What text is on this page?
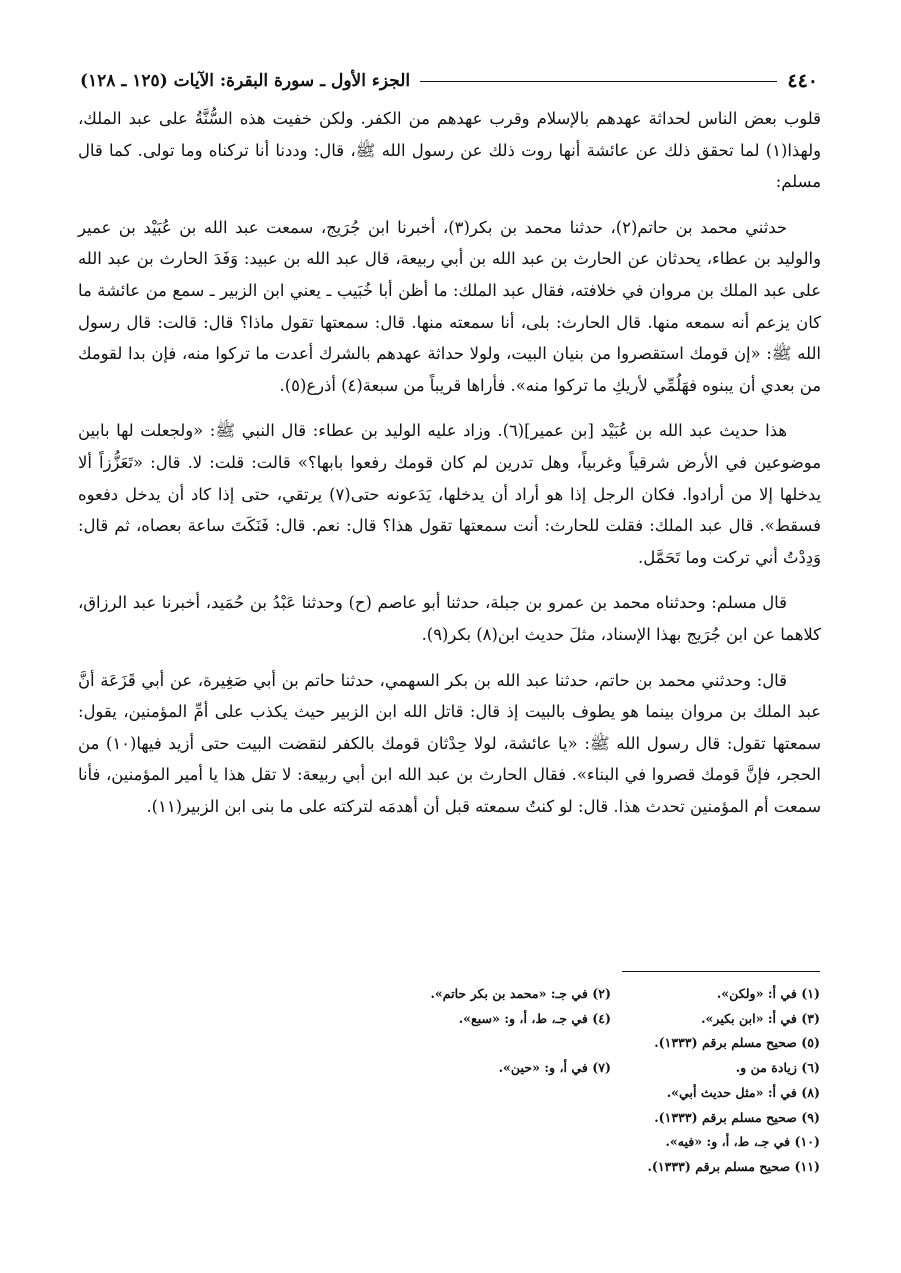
٤٤٠
الجزء الأول ـ سورة البقرة: الآيات (١٢٥ ـ ١٢٨)

قلوب بعض الناس لحداثة عهدهم بالإسلام وقرب عهدهم من الكفر. ولكن خفيت هذه السُّنَّةُ على عبد الملك، ولهذا(١) لما تحقق ذلك عن عائشة أنها روت ذلك عن رسول الله ﷺ، قال: وددنا أنا تركناه وما تولى. كما قال مسلم:

حدثني محمد بن حاتم(٢)، حدثنا محمد بن بكر(٣)، أخبرنا ابن جُرَيج، سمعت عبد الله بن عُبَيْد بن عمير والوليد بن عطاء، يحدثان عن الحارث بن عبد الله بن أبي ربيعة، قال عبد الله بن عبيد: وَفَدَ الحارث بن عبد الله على عبد الملك بن مروان في خلافته، فقال عبد الملك: ما أظن أبا خُبَيب ـ يعني ابن الزبير ـ سمع من عائشة ما كان يزعم أنه سمعه منها. قال الحارث: بلى، أنا سمعته منها. قال: سمعتها تقول ماذا؟ قال: قالت: قال رسول الله ﷺ: «إن قومك استقصروا من بنيان البيت، ولولا حداثة عهدهم بالشرك أعدت ما تركوا منه، فإن بدا لقومك من بعدي أن يبنوه فهَلُمِّي لأريكِ ما تركوا منه». فأراها قريباً من سبعة(٤) أذرع(٥).

هذا حديث عبد الله بن عُبَيْد [بن عمير](٦). وزاد عليه الوليد بن عطاء: قال النبي ﷺ: «ولجعلت لها بابين موضوعين في الأرض شرقياً وغربياً، وهل تدرين لم كان قومك رفعوا بابها؟» قالت: قلت: لا. قال: «تَعَزُّزاً ألا يدخلها إلا من أرادوا. فكان الرجل إذا هو أراد أن يدخلها، يَدَعونه حتى(٧) يرتقي، حتى إذا كاد أن يدخل دفعوه فسقط». قال عبد الملك: فقلت للحارث: أنت سمعتها تقول هذا؟ قال: نعم. قال: فَنَكَتَ ساعة بعصاه، ثم قال: وَدِدْتُ أني تركت وما تَحَمَّل.

قال مسلم: وحدثناه محمد بن عمرو بن جبلة، حدثنا أبو عاصم (ح) وحدثنا عَبْدُ بن حُمَيد، أخبرنا عبد الرزاق، كلاهما عن ابن جُرَيج بهذا الإسناد، مثلَ حديث ابن(٨) بكر(٩).

قال: وحدثني محمد بن حاتم، حدثنا عبد الله بن بكر السهمي، حدثنا حاتم بن أبي صَغِيرة، عن أبي قَزَعَة أنَّ عبد الملك بن مروان بينما هو يطوف بالبيت إذ قال: قاتل الله ابن الزبير حيث يكذب على أمِّ المؤمنين، يقول: سمعتها تقول: قال رسول الله ﷺ: «يا عائشة، لولا حِدْثان قومك بالكفر لنقضت البيت حتى أزيد فيها(١٠) من الحجر، فإنَّ قومك قصروا في البناء». فقال الحارث بن عبد الله ابن أبي ربيعة: لا تقل هذا يا أمير المؤمنين، فأنا سمعت أم المؤمنين تحدث هذا. قال: لو كنتُ سمعته قبل أن أهدمَه لتركته على ما بنى ابن الزبير(١١).

(١) في أ: «ولكن».
(٢) في جـ: «محمد بن بكر حاتم».
(٣) في أ: «ابن بكير».
(٤) في جـ، ط، أ، و: «سبع».
(٥) صحيح مسلم برقم (١٣٣٣).
(٦) زيادة من و.
(٧) في أ، و: «حين».
(٨) في أ: «مثل حديث أبي».
(٩) صحيح مسلم برقم (١٣٣٣).
(١٠) في جـ، ط، أ، و: «فيه».
(١١) صحيح مسلم برقم (١٣٣٣).
